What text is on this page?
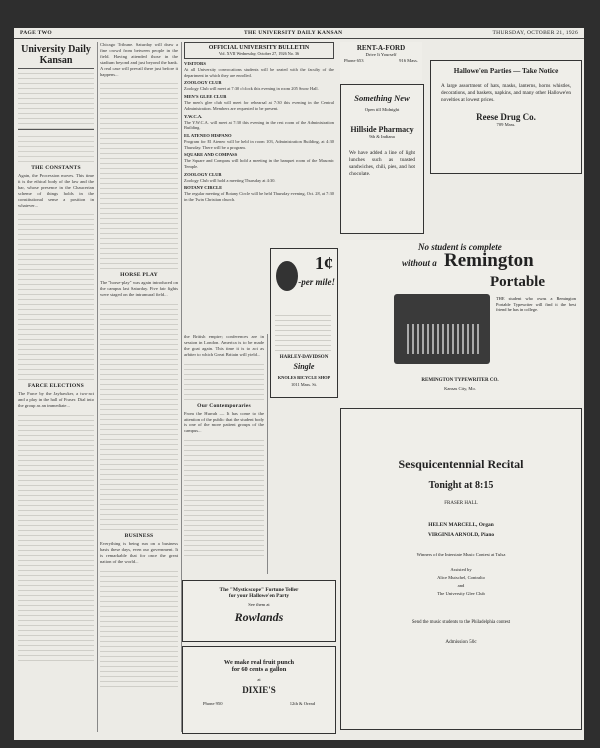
PAGE TWO	THE UNIVERSITY DAILY KANSAN	THURSDAY, OCTOBER 21, 1926
University Daily Kansan
THE CONSTANTS

Again, the Procession moves. This time it is the ethical body of the law and the bar, whose presence in the Chaucerian scheme of things holds in the constitutional sense a position in whatever...

FARCE ELECTIONS

The Farce by the Jayhawker, a two-act and a play in the hall of Fraser. Dial into the group as an immediate...

Chicago Tribune. Saturday will draw a fine crowd from between people in the field. Having attended those in the stadium beyond and just beyond the bank. A real case will prevail there just before it happens...

HORSE PLAY

The "horse-play" was again introduced on the campus last Saturday. Five fair fights were staged on the intramural field...

BUSINESS

Everything is being run on a business basis these days, even our government. It is remarkable that for once the great nation of the world...

OFFICIAL UNIVERSITY BULLETIN
Vol. XVII Wednesday, October 27, 1926 No. 36
VISITORS

At all University convocations students will be seated with the faculty of the department in which they are enrolled.

ZOOLOGY CLUB

Zoology Club will meet at 7:30 o'clock this evening in room 205 Snow Hall.

MEN'S GLEE CLUB

The men's glee club will meet for rehearsal at 7:30 this evening in the Central Administration. Members are requested to be present.

Y.W.C.A.

The Y.W.C.A. will meet at 7:30 this evening in the rest room of the Administration Building.

EL ATENEO HISPANO

Program for El Ateneo will be held in room 103, Administration Building, at 4:30 Thursday. There will be a program.

SQUARE AND COMPASS

The Square and Compass will hold a meeting in the banquet room of the Masonic Temple.

ZOOLOGY CLUB

Zoology Club will hold a meeting Thursday at 4:30.

BOTANY CIRCLE

The regular meeting of Botany Circle will be held Thursday evening, Oct. 28, at 7:30 in the Twin Christian church.

the British empire; conferences are in session in London. America is to be made the goat again. This time it is to act as arbiter to which Great Britain will yield...

Our Contemporaries

From the Hurrah — It has come to the attention of the public that the student body is one of the more patient groups of the campus...

1¢
-per mile!
HARLEY-DAVIDSON
Single
KNOLES BICYCLE SHOP
1011 Mass. St.
RENT-A-FORD
Drive It Yourself
Phone 653	916 Mass.
Something New
Open till Midnight
Hillside Pharmacy
9th & Indiana
We have added a line of light lunches such as toasted sandwiches, chili, pies, and hot chocolate.
Hallowe'en Parties — Take Notice
A large assortment of hats, masks, lanterns, horns whistles, decorations, and baskets, napkins, and many other Hallowe'en novelties at lowest prices.
Reese Drug Co.
709 Mass.
No student is complete
without a Remington
Portable
THE student who owns a Remington Portable Typewriter will find it the best friend he has in college.
REMINGTON TYPEWRITER CO.
Kansas City, Mo.
Sesquicentennial Recital
Tonight at 8:15
FRASER HALL
HELEN MARCELL, Organ
VIRGINIA ARNOLD, Piano
Winners of the Interstate Music Contest at Tulsa
Assisted by
Alice Mutschel, Contralto
and
The University Glee Club
Send the music students to the Philadelphia contest
Admission 50c
The "Mysticscope" Fortune Teller
for your Hallowe'en Party
See them at
Rowlands
We make real fruit punch
for 60 cents a gallon
at
DIXIE'S
Phone 950	12th & Oread
